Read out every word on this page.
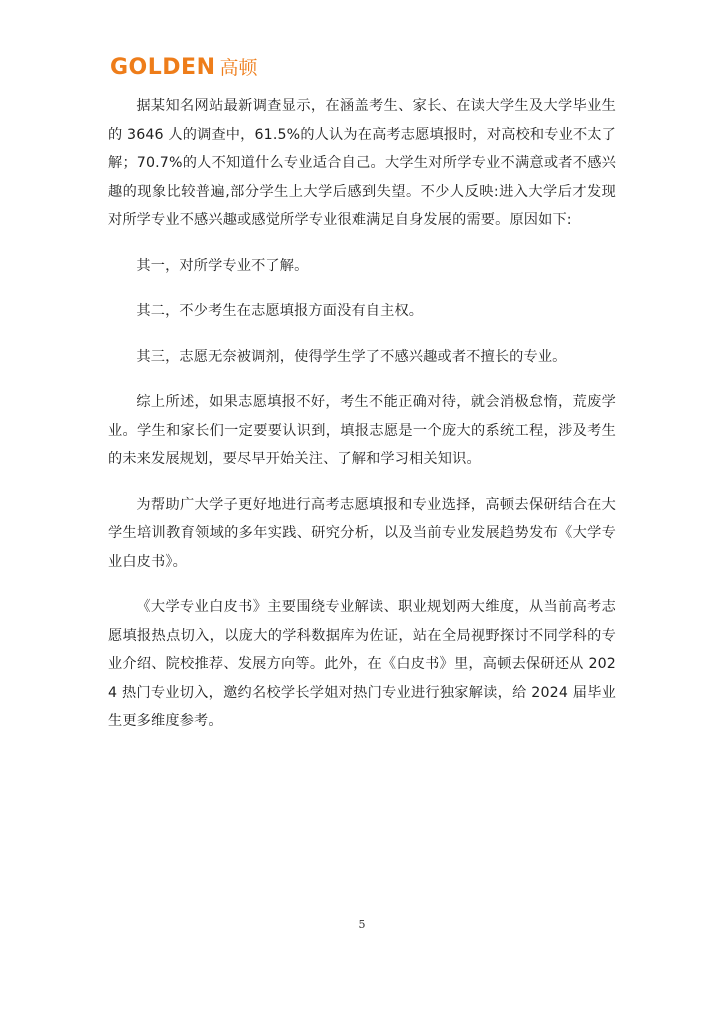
GOLDEN 高顿

据某知名网站最新调查显示，在涵盖考生、家长、在读大学生及大学毕业生的 3646 人的调查中，61.5%的人认为在高考志愿填报时，对高校和专业不太了解；70.7%的人不知道什么专业适合自己。大学生对所学专业不满意或者不感兴趣的现象比较普遍,部分学生上大学后感到失望。不少人反映:进入大学后才发现对所学专业不感兴趣或感觉所学专业很难满足自身发展的需要。原因如下:

其一，对所学专业不了解。

其二，不少考生在志愿填报方面没有自主权。

其三，志愿无奈被调剂，使得学生学了不感兴趣或者不擅长的专业。

综上所述，如果志愿填报不好，考生不能正确对待，就会消极怠惰，荒废学业。学生和家长们一定要要认识到，填报志愿是一个庞大的系统工程，涉及考生的未来发展规划，要尽早开始关注、了解和学习相关知识。

为帮助广大学子更好地进行高考志愿填报和专业选择，高顿去保研结合在大学生培训教育领域的多年实践、研究分析，以及当前专业发展趋势发布《大学专业白皮书》。

《大学专业白皮书》主要围绕专业解读、职业规划两大维度，从当前高考志愿填报热点切入，以庞大的学科数据库为佐证，站在全局视野探讨不同学科的专业介绍、院校推荐、发展方向等。此外，在《白皮书》里，高顿去保研还从 2024 热门专业切入，邀约名校学长学姐对热门专业进行独家解读，给 2024 届毕业生更多维度参考。

5
